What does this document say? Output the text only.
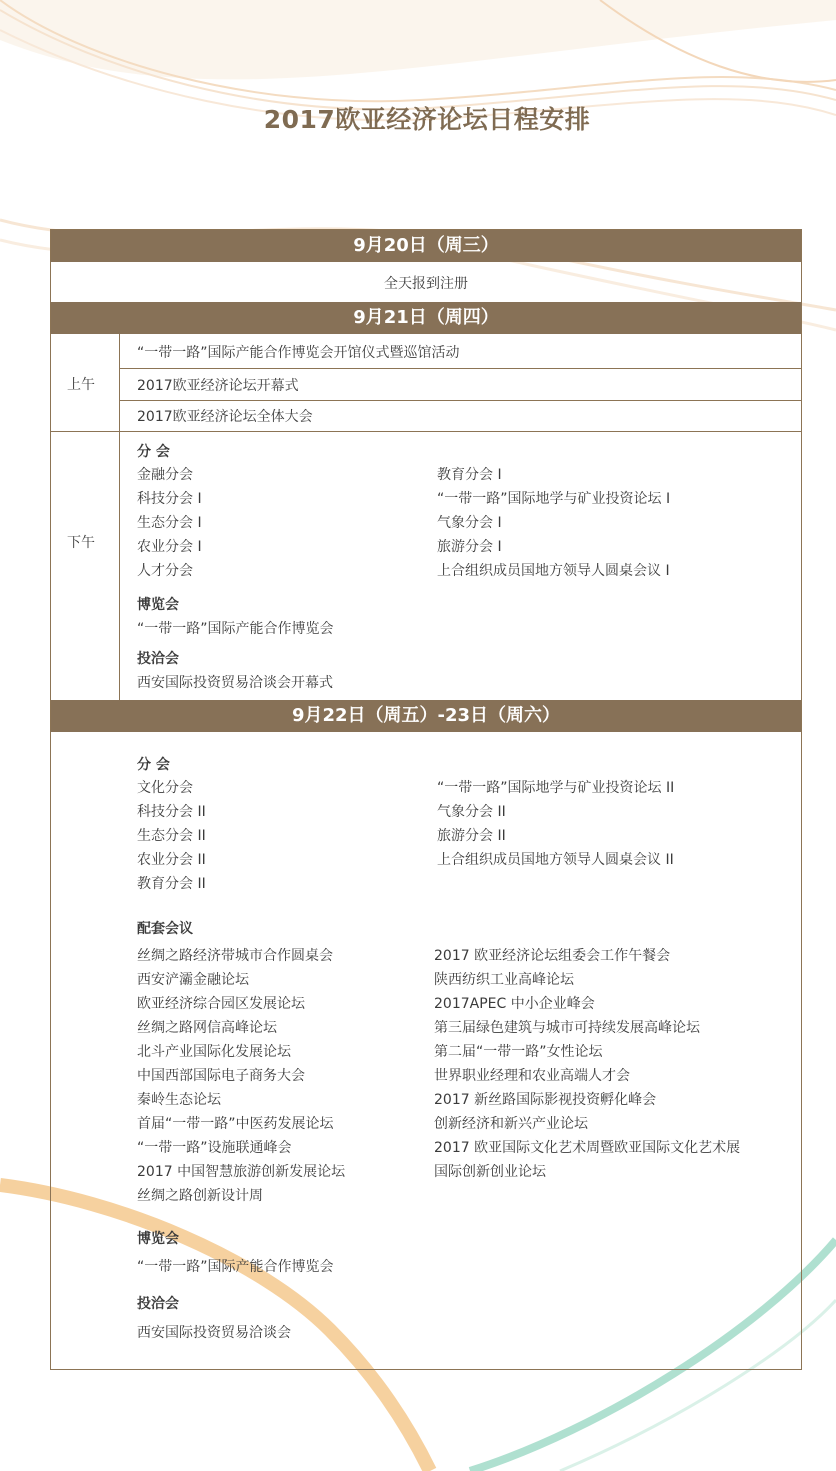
2017欧亚经济论坛日程安排
9月20日（周三）
全天报到注册
9月21日（周四）
上午
“一带一路”国际产能合作博览会开馆仪式暨巡馆活动
2017欧亚经济论坛开幕式
2017欧亚经济论坛全体大会
下午
分 会
金融分会
科技分会 I
生态分会 I
农业分会 I
人才分会
教育分会 I
“一带一路”国际地学与矿业投资论坛 I
气象分会 I
旅游分会 I
上合组织成员国地方领导人圆桌会议 I
博览会
“一带一路”国际产能合作博览会
投洽会
西安国际投资贸易洽谈会开幕式
9月22日（周五）-23日（周六）
分 会
文化分会
科技分会 II
生态分会 II
农业分会 II
教育分会 II
“一带一路”国际地学与矿业投资论坛 II
气象分会 II
旅游分会 II
上合组织成员国地方领导人圆桌会议 II
配套会议
丝绸之路经济带城市合作圆桌会
西安浐灞金融论坛
欧亚经济综合园区发展论坛
丝绸之路网信高峰论坛
北斗产业国际化发展论坛
中国西部国际电子商务大会
秦岭生态论坛
首届“一带一路”中医药发展论坛
“一带一路”设施联通峰会
2017 中国智慧旅游创新发展论坛
丝绸之路创新设计周
2017 欧亚经济论坛组委会工作午餐会
陕西纺织工业高峰论坛
2017APEC 中小企业峰会
第三届绿色建筑与城市可持续发展高峰论坛
第二届“一带一路”女性论坛
世界职业经理和农业高端人才会
2017 新丝路国际影视投资孵化峰会
创新经济和新兴产业论坛
2017 欧亚国际文化艺术周暨欧亚国际文化艺术展
国际创新创业论坛
博览会
“一带一路”国际产能合作博览会
投洽会
西安国际投资贸易洽谈会
